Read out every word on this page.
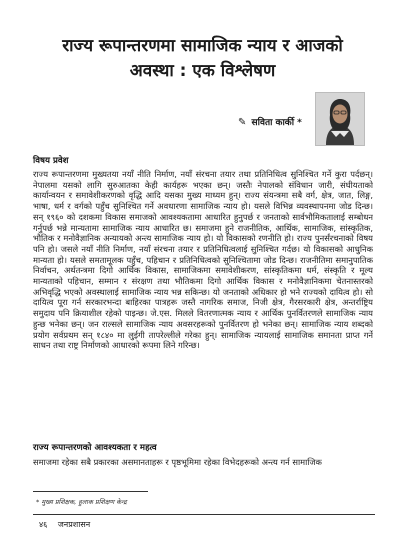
राज्य रूपान्तरणमा सामाजिक न्याय र आजको
अवस्था : एक विश्लेषण
✎ सविता कार्की *
विषय प्रवेश
राज्य रूपान्तरणमा मुख्यतया नयाँ नीति निर्माण, नयाँ संरचना तयार तथा प्रतिनिधित्व सुनिश्चित गर्ने कुरा पर्दछन्। नेपालमा यसको लागि सुरुआतका केही कार्यहरू भएका छन्। जस्तैः नेपालको संविधान जारी, संघीयताको कार्यान्वयन र समावेशीकरणको वृद्धि आदि यसका मुख्य माध्यम हुन्। राज्य संयन्त्रमा सबै वर्ग, क्षेत्र, जात, लिङ्ग, भाषा, धर्म र वर्गको पहुँच सुनिश्चित गर्ने अवधारणा सामाजिक न्याय हो। यसले विभिन्न व्यवस्थापनमा जोड दिन्छ। सन् १९६० को दशकमा विकास समाजको आवश्यकतामा आधारित हुनुपर्छ र जनताको सार्वभौमिकतालाई सम्बोधन गर्नुपर्छ भन्ने मान्यतामा सामाजिक न्याय आधारित छ। समाजमा हुने राजनीतिक, आर्थिक, सामाजिक, सांस्कृतिक, भौतिक र मनोवैज्ञानिक अन्यायको अन्त्य सामाजिक न्याय हो। यो विकासको रणनीति हो। राज्य पुनर्संरचनाको विषय पनि हो। जसले नयाँ नीति निर्माण, नयाँ संरचना तयार र प्रतिनिधित्वलाई सुनिश्चित गर्दछ। यो विकासको आधुनिक मान्यता हो। यसले समतामूलक पहुँच, पहिचान र प्रतिनिधित्वको सुनिश्चितामा जोड दिन्छ। राजनीतिमा समानुपातिक निर्वाचन, अर्थतन्त्रमा दिगो आर्थिक विकास, सामाजिकमा समावेशीकरण, सांस्कृतिकमा धर्म, संस्कृति र मूल्य मान्यताको पहिचान, सम्मान र संरक्षण तथा भौतिकमा दिगो आर्थिक विकास र मनोवैज्ञानिकमा चेतनास्तरको अभिवृद्धि भएको अवस्थालाई सामाजिक न्याय भन्न सकिन्छ। यो जनताको अधिकार हो भने राज्यको दायित्व हो। सो दायित्व पूरा गर्न सरकारभन्दा बाहिरका पात्रहरू जस्तै नागरिक समाज, निजी क्षेत्र, गैरसरकारी क्षेत्र, अन्तर्राष्ट्रिय समुदाय पनि क्रियाशील रहेको पाइन्छ। जे.एस. मिलले वितरणात्मक न्याय र आर्थिक पुनर्वितरणले सामाजिक न्याय हुन्छ भनेका छन्। जन राल्सले सामाजिक न्याय अवसरहरूको पुनर्वितरण हो भनेका छन्। सामाजिक न्याय शब्दको प्रयोग सर्वप्रथम सन् १८४० मा लुईगी तापरेल्लीले गरेका हुन्। सामाजिक न्यायलाई सामाजिक समानता प्राप्त गर्ने साधन तथा राष्ट्र निर्माणको आधारको रूपमा लिने गरिन्छ।
राज्य रूपान्तरणको आवश्यकता र महत्व
समाजमा रहेका सबै प्रकारका असमानताहरू र पृष्ठभूमिमा रहेका विभेदहरूको अन्त्य गर्न सामाजिक
* मुख्य प्रशिक्षक, हुलाक प्रशिक्षण केन्द्र
४६ जनप्रशासन
